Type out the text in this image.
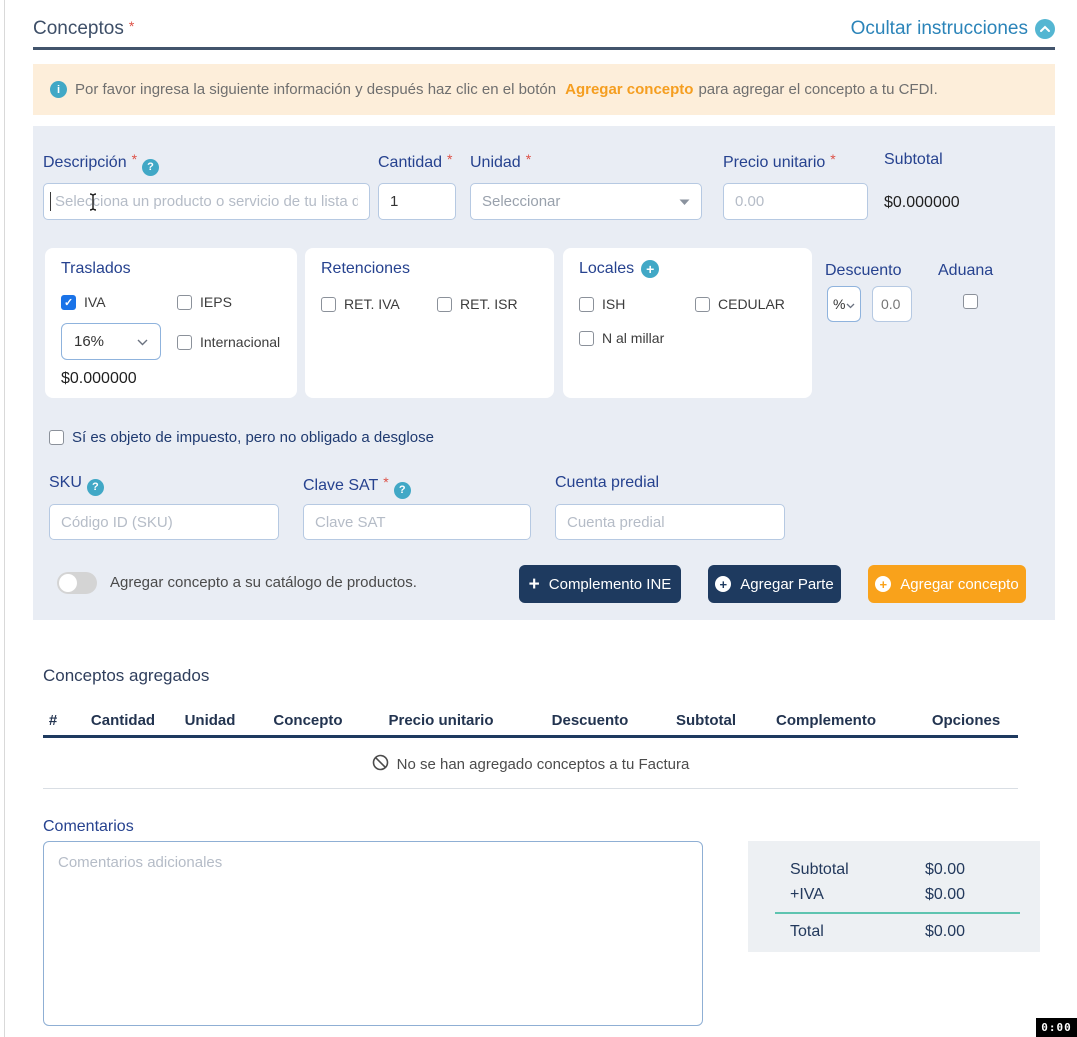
Conceptos *	Ocultar instrucciones
i Por favor ingresa la siguiente información y después haz clic en el botón Agregar concepto para agregar el concepto a tu CFDI.
Descripción * ?
Selecciona un producto o servicio de tu lista de p	Cantidad *
1 Unidad *
Seleccionar
Precio unitario *
0.00	Subtotal
$0.000000
Traslados
✓
IVA	IEPS
16%	Internacional
$0.000000
Retenciones
RET. IVA	RET. ISR
Locales +
ISH	CEDULAR
N al millar
Descuento
%
0.0
Aduana
Sí es objeto de impuesto, pero no obligado a desglose
SKU ?
Código ID (SKU)	Clave SAT * ?
Clave SAT	Cuenta predial
Cuenta predial
Agregar concepto a su catálogo de productos.	+ Complemento INE	+ Agregar Parte	+ Agregar concepto
Conceptos agregados
# Cantidad Unidad	Concepto	Precio unitario	Descuento	Subtotal	Complemento	Opciones
No se han agregado conceptos a tu Factura
Comentarios
Comentarios adicionales
Subtotal	$0.00
+IVA	$0.00
Total	$0.00
0:00
